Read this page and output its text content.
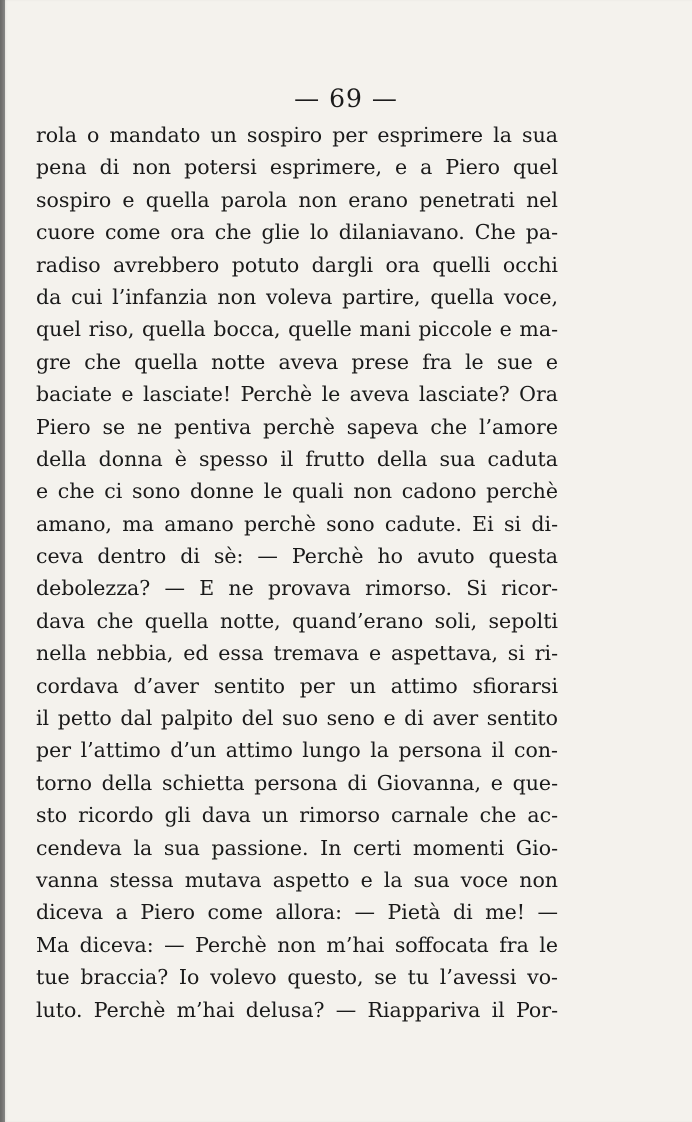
— 69 —
rola o mandato un sospiro per esprimere la sua
pena di non potersi esprimere, e a Piero quel
sospiro e quella parola non erano penetrati nel
cuore come ora che glie lo dilaniavano. Che pa-
radiso avrebbero potuto dargli ora quelli occhi
da cui l’infanzia non voleva partire, quella voce,
quel riso, quella bocca, quelle mani piccole e ma-
gre che quella notte aveva prese fra le sue e
baciate e lasciate! Perchè le aveva lasciate? Ora
Piero se ne pentiva perchè sapeva che l’amore
della donna è spesso il frutto della sua caduta
e che ci sono donne le quali non cadono perchè
amano, ma amano perchè sono cadute. Ei si di-
ceva dentro di sè: — Perchè ho avuto questa
debolezza? — E ne provava rimorso. Si ricor-
dava che quella notte, quand’erano soli, sepolti
nella nebbia, ed essa tremava e aspettava, si ri-
cordava d’aver sentito per un attimo sfiorarsi
il petto dal palpito del suo seno e di aver sentito
per l’attimo d’un attimo lungo la persona il con-
torno della schietta persona di Giovanna, e que-
sto ricordo gli dava un rimorso carnale che ac-
cendeva la sua passione. In certi momenti Gio-
vanna stessa mutava aspetto e la sua voce non
diceva a Piero come allora: — Pietà di me! —
Ma diceva: — Perchè non m’hai soffocata fra le
tue braccia? Io volevo questo, se tu l’avessi vo-
luto. Perchè m’hai delusa? — Riappariva il Por-
